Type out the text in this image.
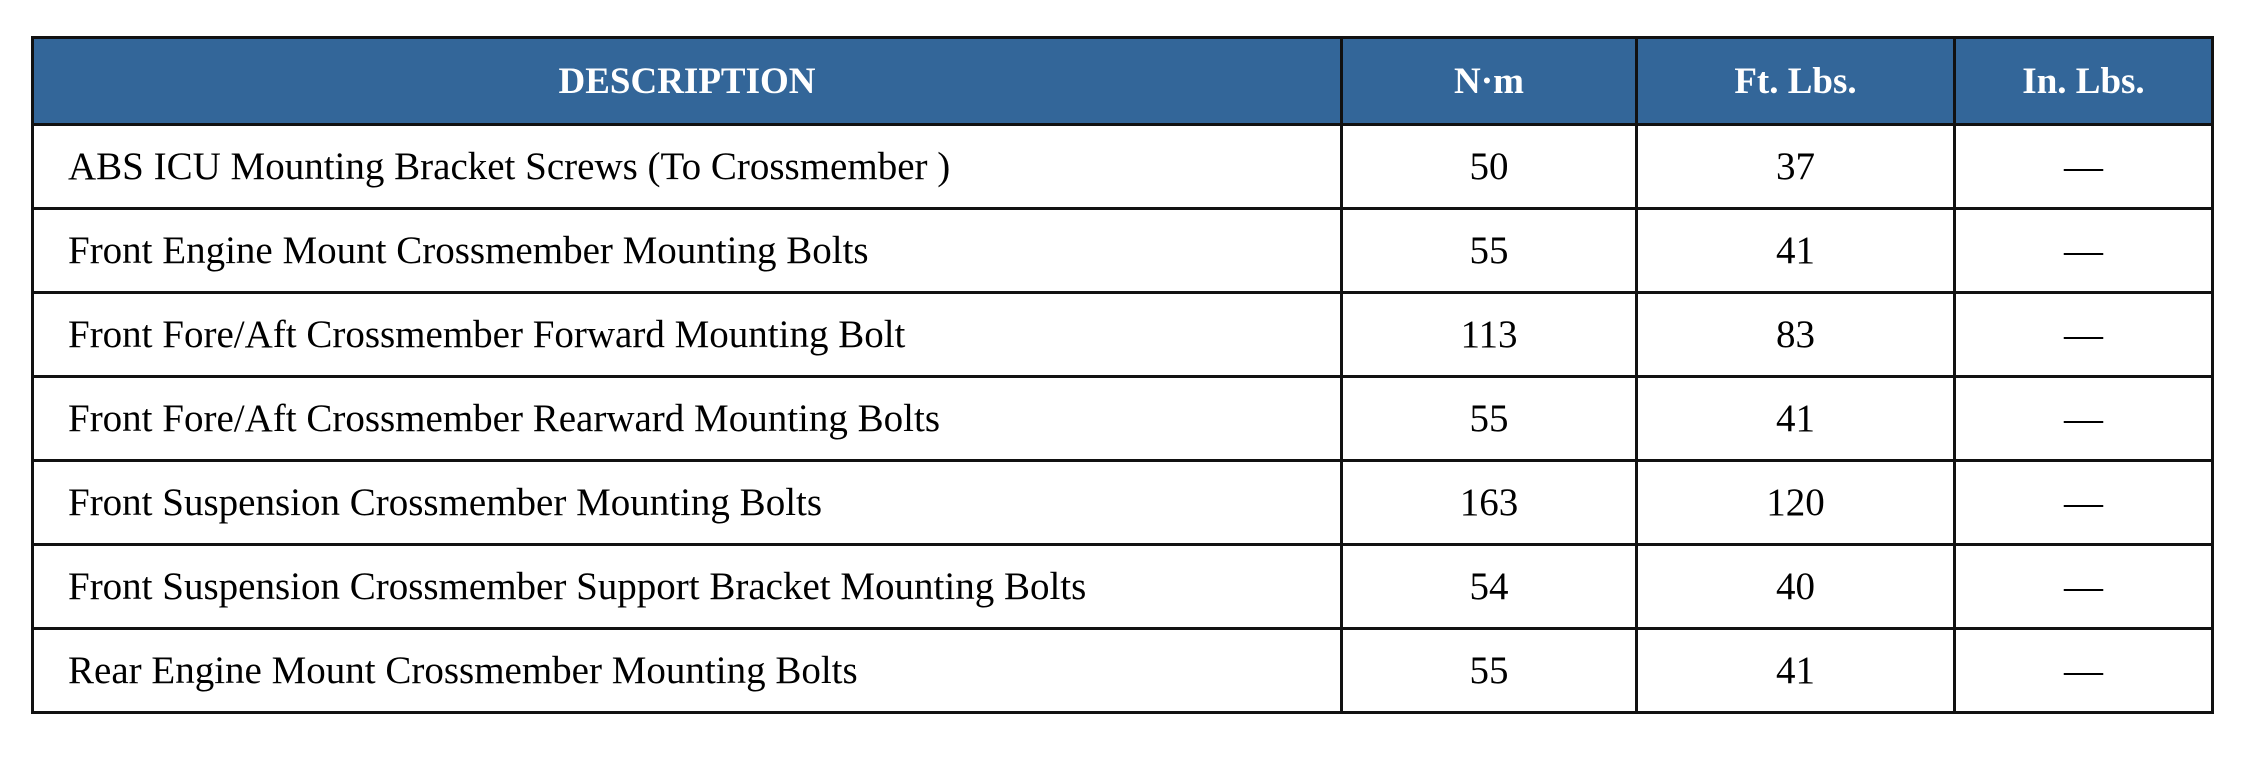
DESCRIPTION	N·m	Ft. Lbs.	In. Lbs.
ABS ICU Mounting Bracket Screws (To Crossmember )	50	37	—
Front Engine Mount Crossmember Mounting Bolts	55	41	—
Front Fore/Aft Crossmember Forward Mounting Bolt	113	83	—
Front Fore/Aft Crossmember Rearward Mounting Bolts	55	41	—
Front Suspension Crossmember Mounting Bolts	163	120	—
Front Suspension Crossmember Support Bracket Mounting Bolts	54	40	—
Rear Engine Mount Crossmember Mounting Bolts	55	41	—
